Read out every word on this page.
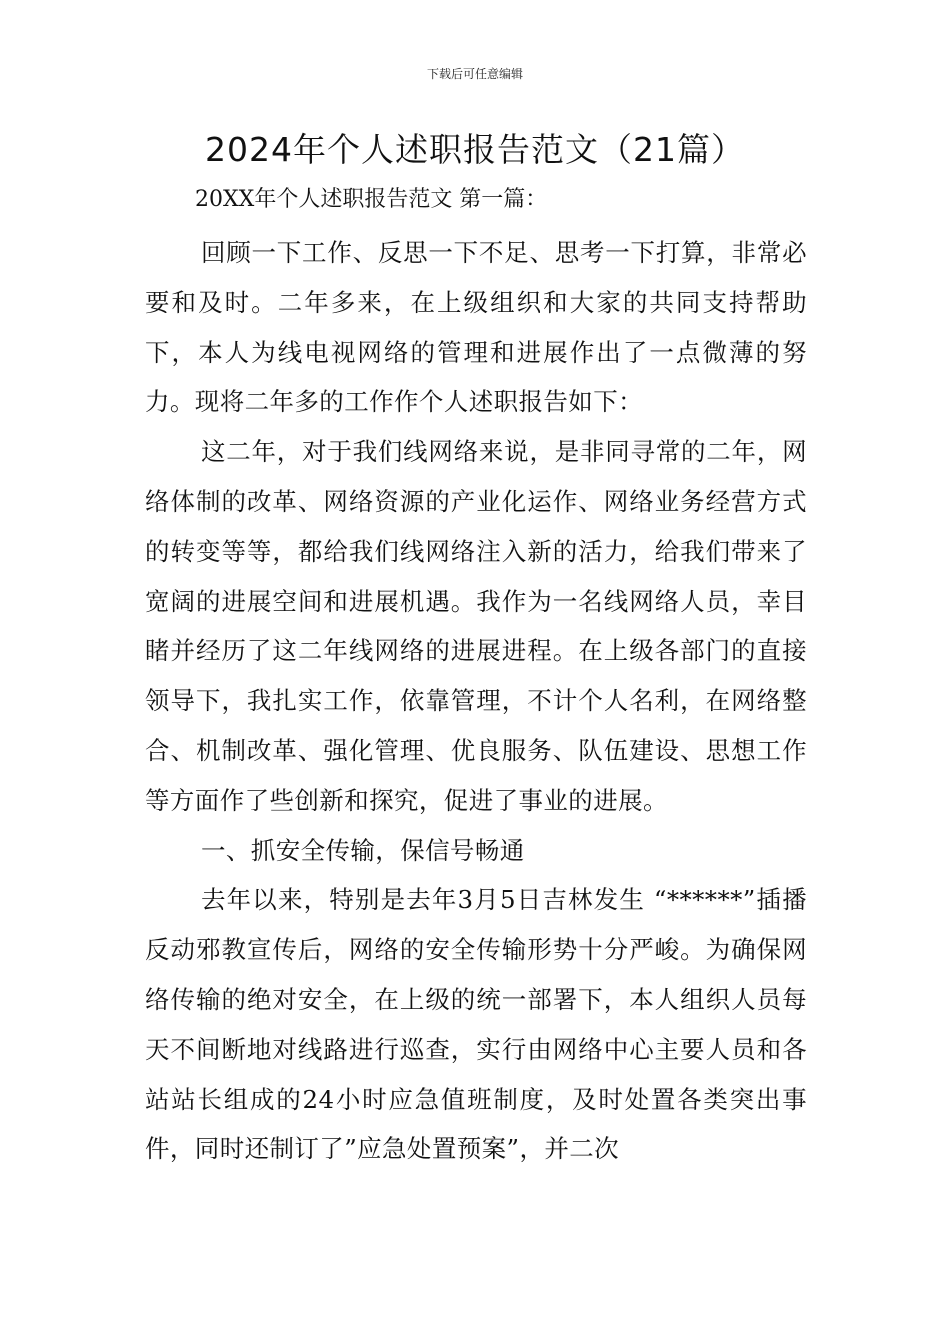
下载后可任意编辑
2024年个人述职报告范文（21篇）
20XX年个人述职报告范文 第一篇：

回顾一下工作、反思一下不足、思考一下打算，非常必要和及时。二年多来，在上级组织和大家的共同支持帮助下，本人为线电视网络的管理和进展作出了一点微薄的努力。现将二年多的工作作个人述职报告如下：

这二年，对于我们线网络来说，是非同寻常的二年，网络体制的改革、网络资源的产业化运作、网络业务经营方式的转变等等，都给我们线网络注入新的活力，给我们带来了宽阔的进展空间和进展机遇。我作为一名线网络人员，幸目睹并经历了这二年线网络的进展进程。在上级各部门的直接领导下，我扎实工作，依靠管理，不计个人名利，在网络整合、机制改革、强化管理、优良服务、队伍建设、思想工作等方面作了些创新和探究，促进了事业的进展。

一、抓安全传输，保信号畅通

去年以来，特别是去年3月5日吉林发生 “******”插播反动邪教宣传后，网络的安全传输形势十分严峻。为确保网络传输的绝对安全，在上级的统一部署下，本人组织人员每天不间断地对线路进行巡查，实行由网络中心主要人员和各站站长组成的24小时应急值班制度，及时处置各类突出事件，同时还制订了”应急处置预案”，并二次
